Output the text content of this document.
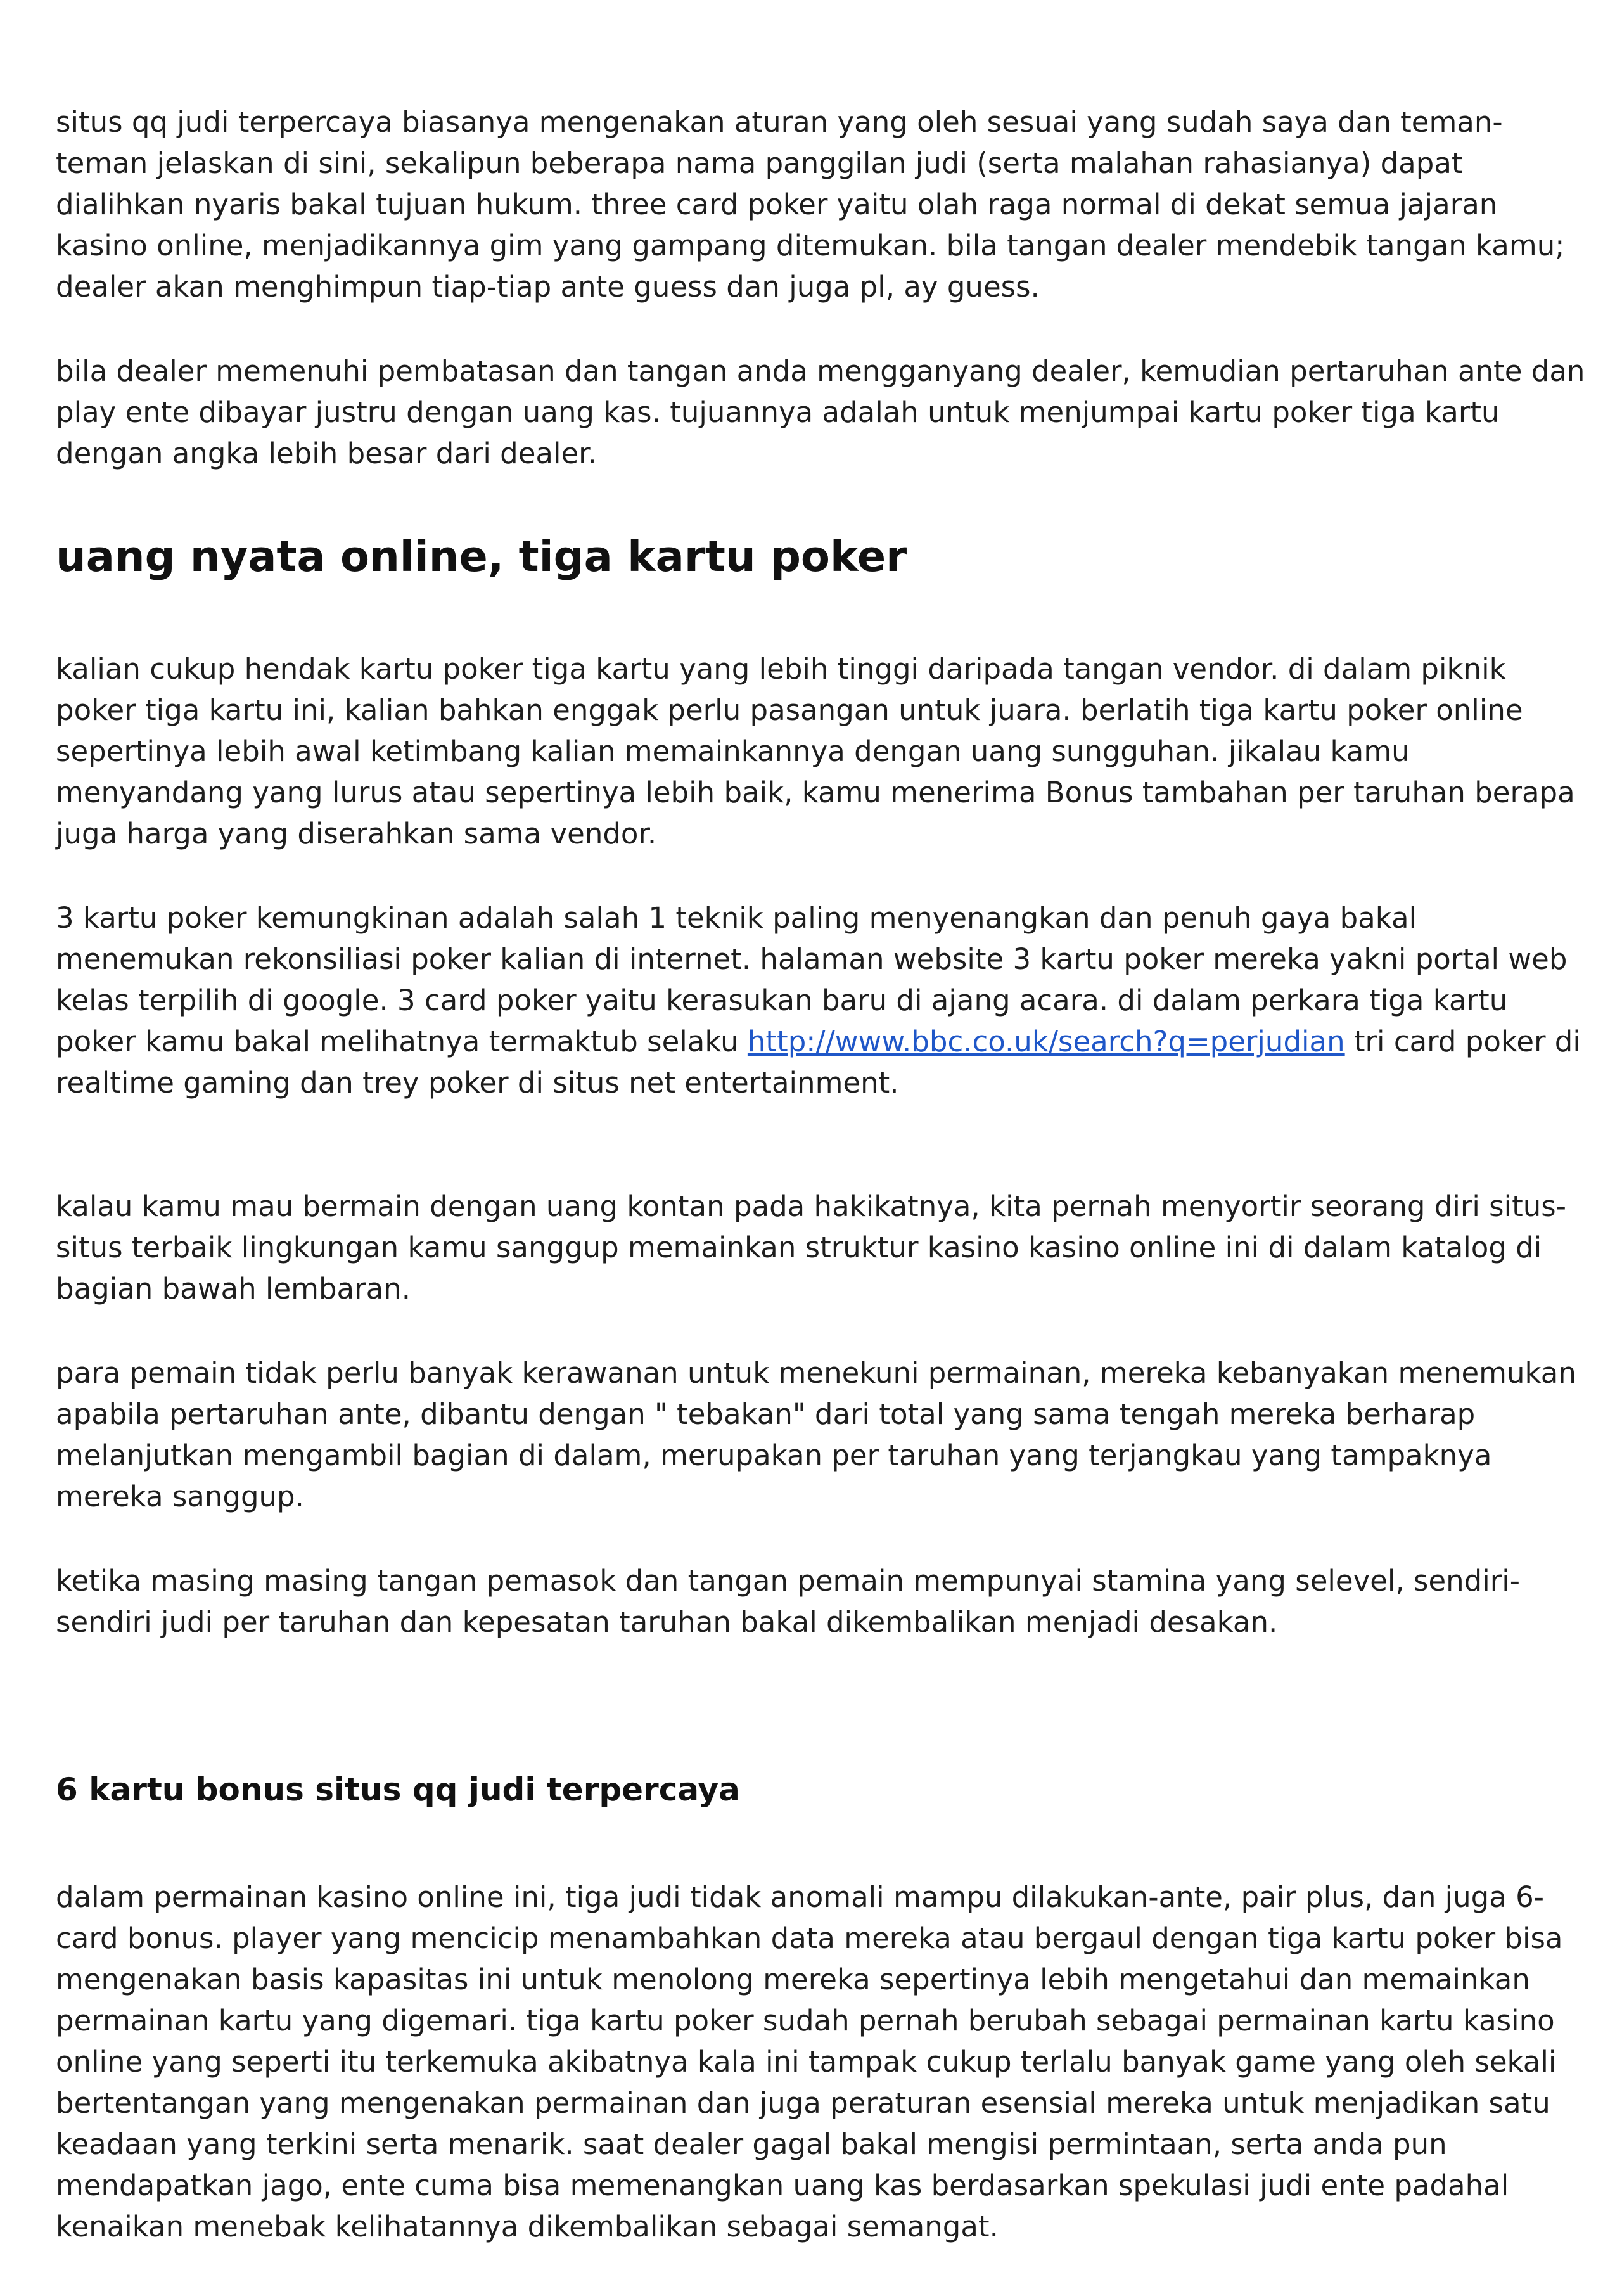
situs qq judi terpercaya biasanya mengenakan aturan yang oleh sesuai yang sudah saya dan teman-teman jelaskan di sini, sekalipun beberapa nama panggilan judi (serta malahan rahasianya) dapat dialihkan nyaris bakal tujuan hukum. three card poker yaitu olah raga normal di dekat semua jajaran kasino online, menjadikannya gim yang gampang ditemukan. bila tangan dealer mendebik tangan kamu; dealer akan menghimpun tiap-tiap ante guess dan juga pl, ay guess.

bila dealer memenuhi pembatasan dan tangan anda mengganyang dealer, kemudian pertaruhan ante dan play ente dibayar justru dengan uang kas. tujuannya adalah untuk menjumpai kartu poker tiga kartu dengan angka lebih besar dari dealer.

uang nyata online, tiga kartu poker

kalian cukup hendak kartu poker tiga kartu yang lebih tinggi daripada tangan vendor. di dalam piknik poker tiga kartu ini, kalian bahkan enggak perlu pasangan untuk juara. berlatih tiga kartu poker online sepertinya lebih awal ketimbang kalian memainkannya dengan uang sungguhan. jikalau kamu menyandang yang lurus atau sepertinya lebih baik, kamu menerima Bonus tambahan per taruhan berapa juga harga yang diserahkan sama vendor.

3 kartu poker kemungkinan adalah salah 1 teknik paling menyenangkan dan penuh gaya bakal menemukan rekonsiliasi poker kalian di internet. halaman website 3 kartu poker mereka yakni portal web kelas terpilih di google. 3 card poker yaitu kerasukan baru di ajang acara. di dalam perkara tiga kartu poker kamu bakal melihatnya termaktub selaku http://www.bbc.co.uk/search?q=perjudian tri card poker di realtime gaming dan trey poker di situs net entertainment.

kalau kamu mau bermain dengan uang kontan pada hakikatnya, kita pernah menyortir seorang diri situs-situs terbaik lingkungan kamu sanggup memainkan struktur kasino kasino online ini di dalam katalog di bagian bawah lembaran.

para pemain tidak perlu banyak kerawanan untuk menekuni permainan, mereka kebanyakan menemukan apabila pertaruhan ante, dibantu dengan " tebakan" dari total yang sama tengah mereka berharap melanjutkan mengambil bagian di dalam, merupakan per taruhan yang terjangkau yang tampaknya mereka sanggup.

ketika masing masing tangan pemasok dan tangan pemain mempunyai stamina yang selevel, sendiri-sendiri judi per taruhan dan kepesatan taruhan bakal dikembalikan menjadi desakan.

6 kartu bonus situs qq judi terpercaya

dalam permainan kasino online ini, tiga judi tidak anomali mampu dilakukan-ante, pair plus, dan juga 6-card bonus. player yang mencicip menambahkan data mereka atau bergaul dengan tiga kartu poker bisa mengenakan basis kapasitas ini untuk menolong mereka sepertinya lebih mengetahui dan memainkan permainan kartu yang digemari. tiga kartu poker sudah pernah berubah sebagai permainan kartu kasino online yang seperti itu terkemuka akibatnya kala ini tampak cukup terlalu banyak game yang oleh sekali bertentangan yang mengenakan permainan dan juga peraturan esensial mereka untuk menjadikan satu keadaan yang terkini serta menarik. saat dealer gagal bakal mengisi permintaan, serta anda pun mendapatkan jago, ente cuma bisa memenangkan uang kas berdasarkan spekulasi judi ente padahal kenaikan menebak kelihatannya dikembalikan sebagai semangat.
